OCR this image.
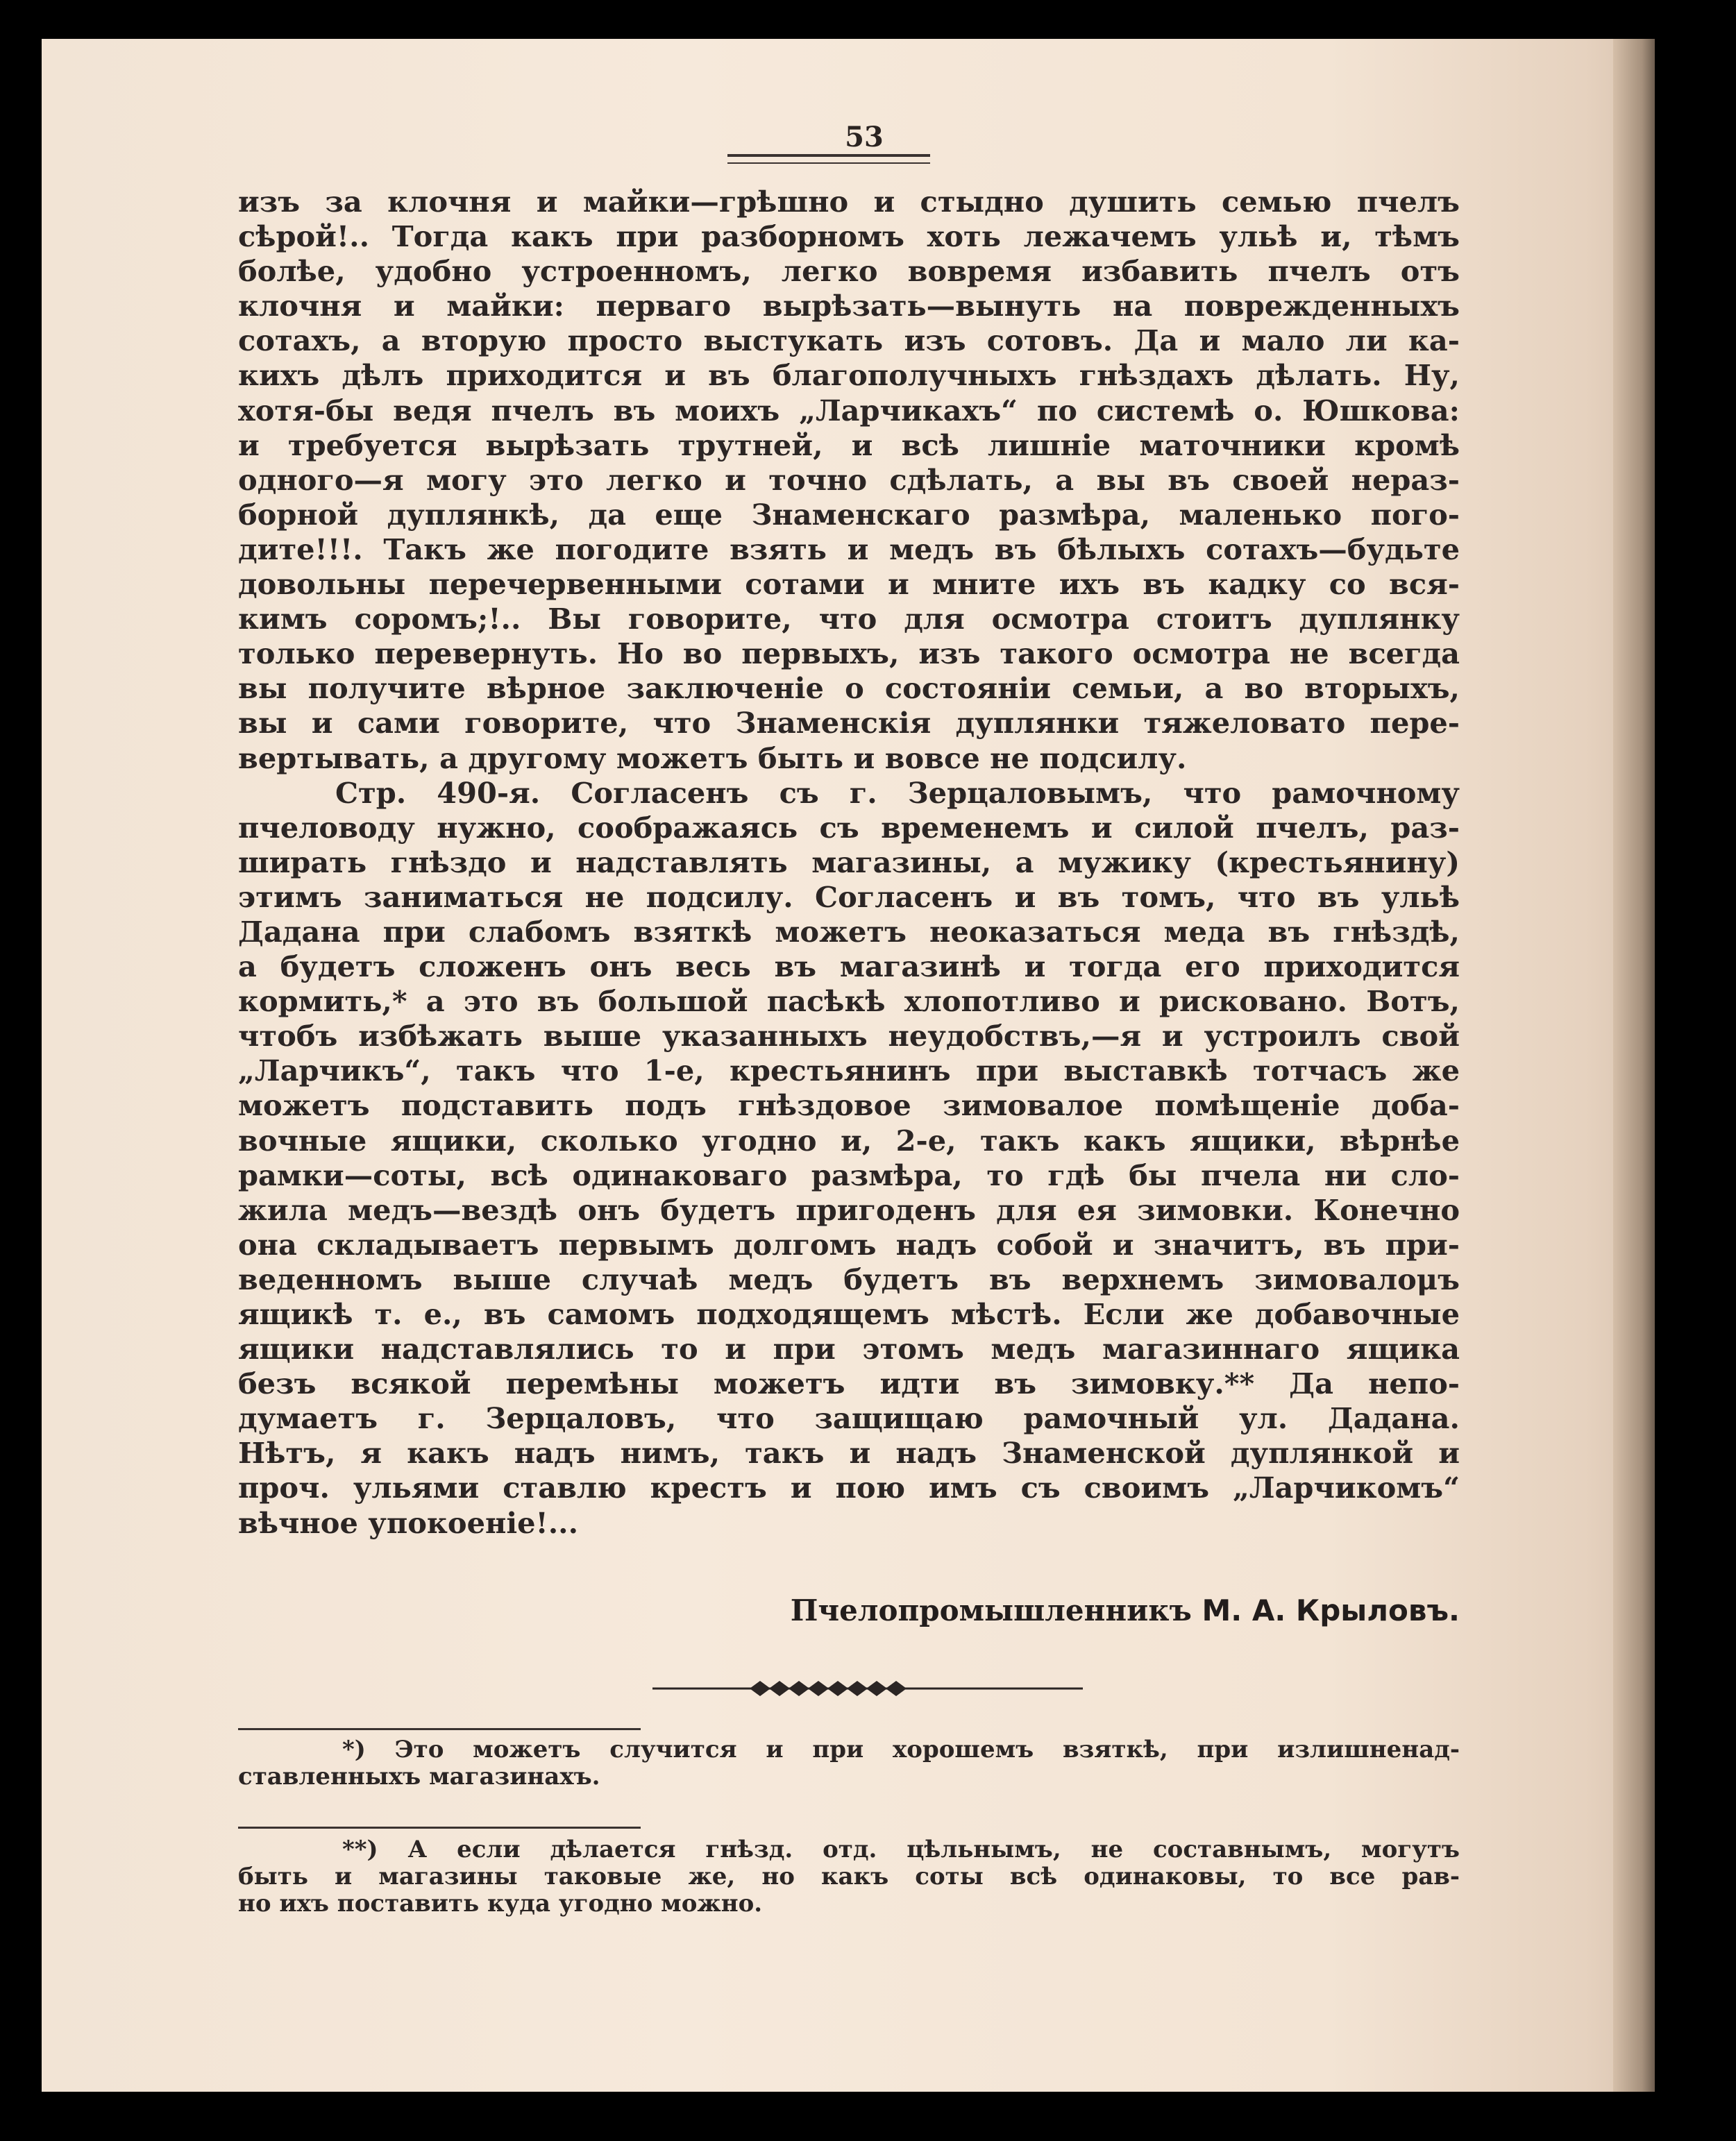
53
изъ за клочня и майки—грѣшно и стыдно душить семью пчелъ
сѣрой!.. Тогда какъ при разборномъ хоть лежачемъ ульѣ и, тѣмъ
болѣе, удобно устроенномъ, легко вовремя избавить пчелъ отъ
клочня и майки: перваго вырѣзать—вынуть на поврежденныхъ
сотахъ, а вторую просто выстукать изъ сотовъ. Да и мало ли ка-
кихъ дѣлъ приходится и въ благополучныхъ гнѣздахъ дѣлать. Ну,
хотя-бы ведя пчелъ въ моихъ „Ларчикахъ“ по системѣ о. Юшкова:
и требуется вырѣзать трутней, и всѣ лишніе маточники кромѣ
одного—я могу это легко и точно сдѣлать, а вы въ своей нераз-
борной дуплянкѣ, да еще Знаменскаго размѣра, маленько пого-
дите!!!. Такъ же погодите взять и медъ въ бѣлыхъ сотахъ—будьте
довольны перечервенными сотами и мните ихъ въ кадку со вся-
кимъ соромъ;!.. Вы говорите, что для осмотра стоитъ дуплянку
только перевернуть. Но во первыхъ, изъ такого осмотра не всегда
вы получите вѣрное заключеніе о состояніи семьи, а во вторыхъ,
вы и сами говорите, что Знаменскія дуплянки тяжеловато пере-
вертывать, а другому можетъ быть и вовсе не подсилу.
Стр. 490-я. Согласенъ съ г. Зерцаловымъ, что рамочному
пчеловоду нужно, соображаясь съ временемъ и силой пчелъ, раз-
ширать гнѣздо и надставлять магазины, а мужику (крестьянину)
этимъ заниматься не подсилу. Согласенъ и въ томъ, что въ ульѣ
Дадана при слабомъ взяткѣ можетъ неоказаться меда въ гнѣздѣ,
а будетъ сложенъ онъ весь въ магазинѣ и тогда его приходится
кормить,* а это въ большой пасѣкѣ хлопотливо и рисковано. Вотъ,
чтобъ избѣжать выше указанныхъ неудобствъ,—я и устроилъ свой
„Ларчикъ“, такъ что 1-е, крестьянинъ при выставкѣ тотчасъ же
можетъ подставить подъ гнѣздовое зимовалое помѣщеніе доба-
вочные ящики, сколько угодно и, 2-е, такъ какъ ящики, вѣрнѣе
рамки—соты, всѣ одинаковаго размѣра, то гдѣ бы пчела ни сло-
жила медъ—вездѣ онъ будетъ пригоденъ для ея зимовки. Конечно
она складываетъ первымъ долгомъ надъ собой и значитъ, въ при-
веденномъ выше случаѣ медъ будетъ въ верхнемъ зимовалομъ
ящикѣ т. е., въ самомъ подходящемъ мѣстѣ. Если же добавочные
ящики надставлялись то и при этомъ медъ магазиннаго ящика
безъ всякой перемѣны можетъ идти въ зимовку.** Да непо-
думаетъ г. Зерцаловъ, что защищаю рамочный ул. Дадана.
Нѣтъ, я какъ надъ нимъ, такъ и надъ Знаменской дуплянкой и
проч. ульями ставлю крестъ и пою имъ съ своимъ „Ларчикомъ“
вѣчное упокоеніе!...
Пчелопромышленникъ М. А. Крыловъ.
*) Это можетъ случится и при хорошемъ взяткѣ, при излишненад-
ставленныхъ магазинахъ.
**) А если дѣлается гнѣзд. отд. цѣльнымъ, не составнымъ, могутъ
быть и магазины таковые же, но какъ соты всѣ одинаковы, то все рав-
но ихъ поставить куда угодно можно.
